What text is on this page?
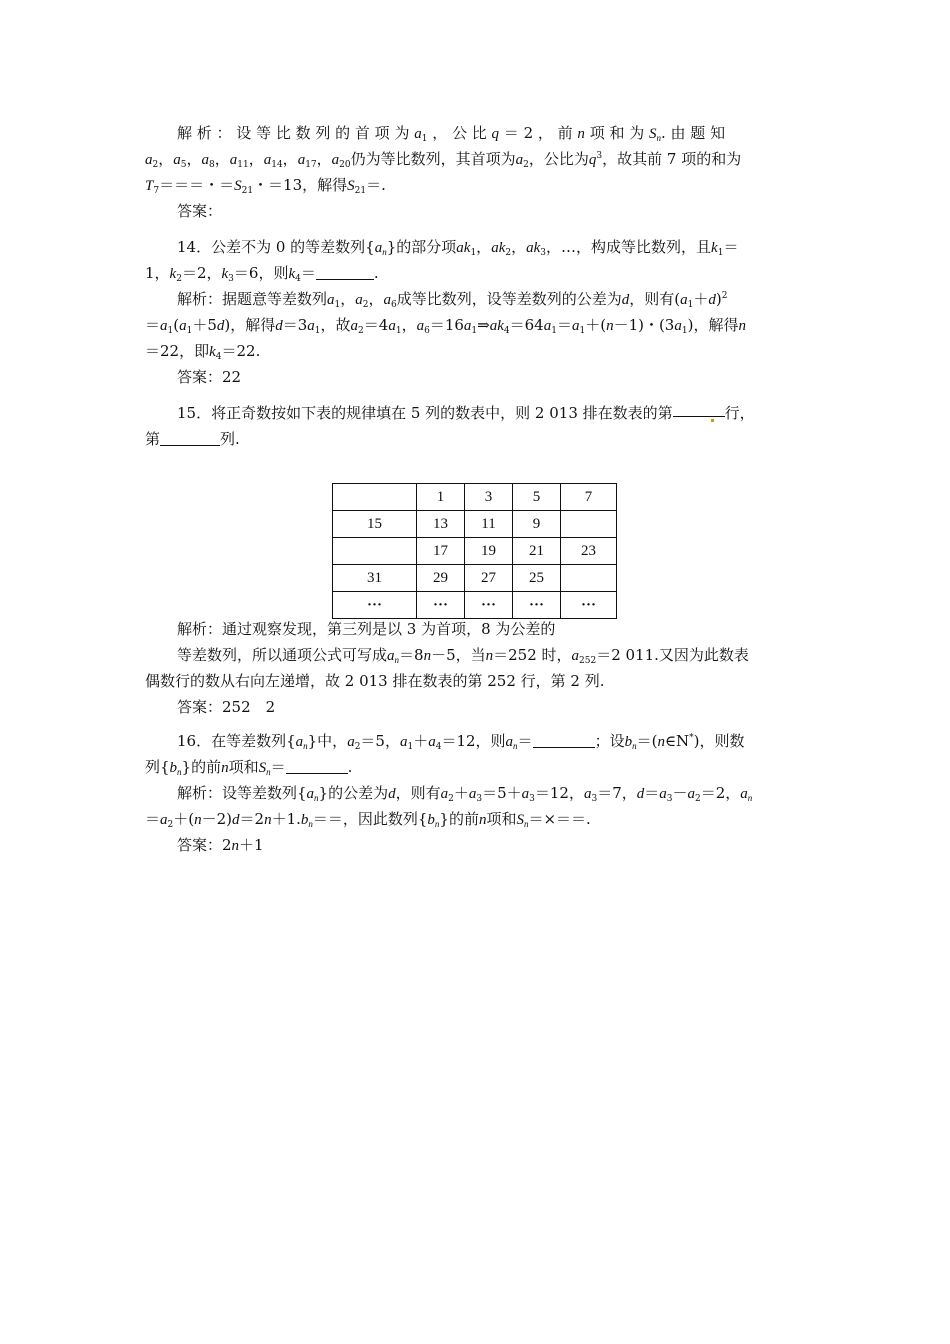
解 析 ： 设 等 比 数 列 的 首 项 为 $a_1$ ， 公 比 q ＝ 2 ， 前 n 项 和 为 $S_n$. 由 题 知
$a_2$，$a_5$，$a_8$，$a_{11}$，$a_{14}$，$a_{17}$，$a_{20}$仍为等比数列，其首项为$a_2$，公比为$q^3$，故其前 7 项的和为
$T_7===$・$=S_{21}$・＝13，解得$S_{21}=$.
答案：
14．公差不为 0 的等差数列$\{a_n\}$的部分项$ak_1$，$ak_2$，$ak_3$，…，构成等比数列，且$k_1=$
1，$k_2=2$，$k_3=6$，则$k_4=$	.
解析：据题意等差数列$a_1$，$a_2$，$a_6$成等比数列，设等差数列的公差为d，则有$(a_1+d)^2$
$=a_1(a_1+5d)$，解得$d=3a_1$，故$a_2=4a_1$，$a_6=16a_1\Rightarrow ak_4=64a_1=a_1+(n-1)$・$(3a_1)$，解得n
＝22，即$k_4=22$.
答案：22
15．将正奇数按如下表的规律填在 5 列的数表中，则 2 013 排在数表的第	行，
第	列.
	1	3	5	7
15	13	11	9	
	17	19	21	23
31	29	27	25	
···	···	···	···	···
解析：通过观察发现，第三列是以 3 为首项，8 为公差的
等差数列，所以通项公式可写成$a_n=8n-5$，当n＝252 时，$a_{252}=2$ 011.又因为此数表
偶数行的数从右向左递增，故 2 013 排在数表的第 252 行，第 2 列.
答案：252　2
16．在等差数列$\{a_n\}$中，$a_2=5$，$a_1+a_4=12$，则$a_n=$	；设$b_n=(n\in N^*)$，则数
列$\{b_n\}$的前n项和$S_n=$	.
解析：设等差数列$\{a_n\}$的公差为d，则有$a_2+a_3=5+a_3=12$，$a_3=7$，$d=a_3-a_2=2$，$a_n$
$=a_2+(n-2)d=2n+1.b_n==$，因此数列$\{b_n\}$的前n项和$S_n=\times==$.
答案：2n＋1
